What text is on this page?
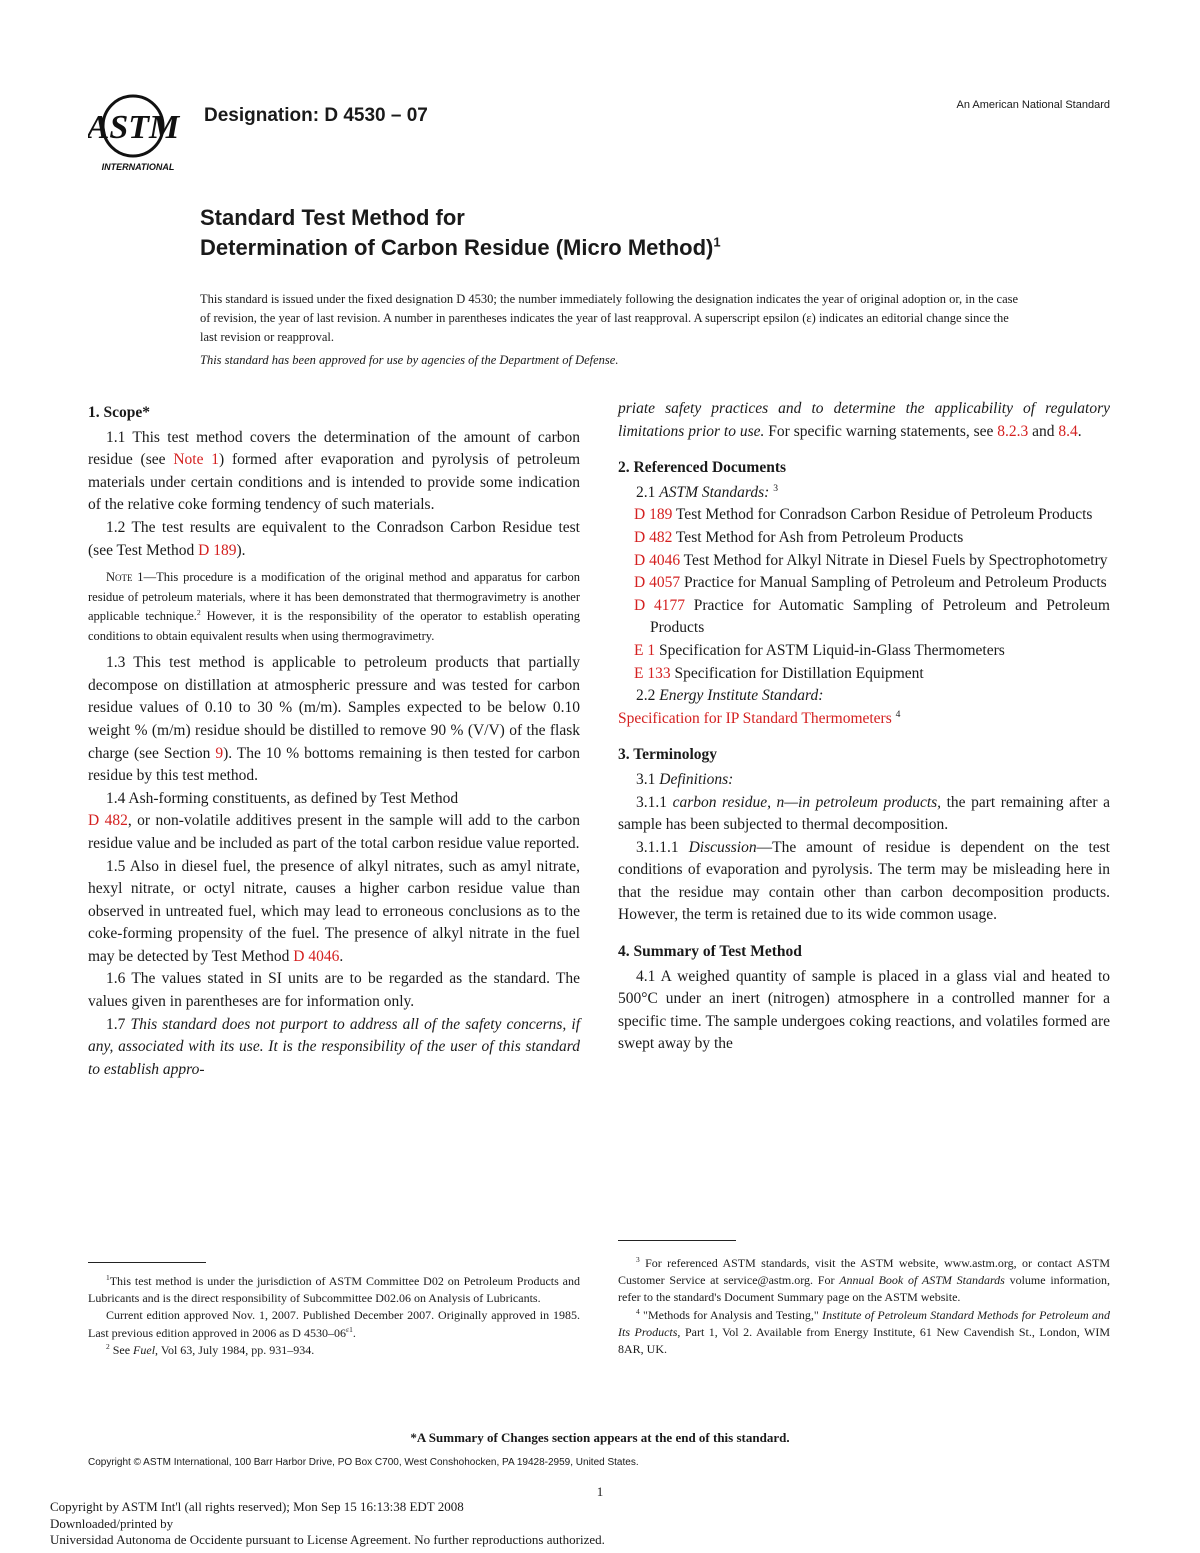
ASTM
INTERNATIONAL
Designation: D 4530 – 07	An American National Standard
Standard Test Method for
Determination of Carbon Residue (Micro Method)$^1$
This standard is issued under the fixed designation D 4530; the number immediately following the designation indicates the year of original adoption or, in the case of revision, the year of last revision. A number in parentheses indicates the year of last reapproval. A superscript epsilon (ε) indicates an editorial change since the last revision or reapproval.
This standard has been approved for use by agencies of the Department of Defense.
1. Scope*

1.1 This test method covers the determination of the amount of carbon residue (see Note 1) formed after evaporation and pyrolysis of petroleum materials under certain conditions and is intended to provide some indication of the relative coke forming tendency of such materials.

1.2 The test results are equivalent to the Conradson Carbon Residue test (see Test Method D 189).

Note 1—This procedure is a modification of the original method and apparatus for carbon residue of petroleum materials, where it has been demonstrated that thermogravimetry is another applicable technique.$^2$ However, it is the responsibility of the operator to establish operating conditions to obtain equivalent results when using thermogravimetry.

1.3 This test method is applicable to petroleum products that partially decompose on distillation at atmospheric pressure and was tested for carbon residue values of 0.10 to 30 % (m/m). Samples expected to be below 0.10 weight % (m/m) residue should be distilled to remove 90 % (V/V) of the flask charge (see Section 9). The 10 % bottoms remaining is then tested for carbon residue by this test method.

1.4 Ash-forming constituents, as defined by Test Method
D 482, or non-volatile additives present in the sample will add to the carbon residue value and be included as part of the total carbon residue value reported.

1.5 Also in diesel fuel, the presence of alkyl nitrates, such as amyl nitrate, hexyl nitrate, or octyl nitrate, causes a higher carbon residue value than observed in untreated fuel, which may lead to erroneous conclusions as to the coke-forming propensity of the fuel. The presence of alkyl nitrate in the fuel may be detected by Test Method D 4046.

1.6 The values stated in SI units are to be regarded as the standard. The values given in parentheses are for information only.

1.7 This standard does not purport to address all of the safety concerns, if any, associated with its use. It is the responsibility of the user of this standard to establish appro-

$^1$This test method is under the jurisdiction of ASTM Committee D02 on Petroleum Products and Lubricants and is the direct responsibility of Subcommittee D02.06 on Analysis of Lubricants.

Current edition approved Nov. 1, 2007. Published December 2007. Originally approved in 1985. Last previous edition approved in 2006 as D $4530-06^{\varepsilon 1}$.

$^2$ See Fuel, Vol 63, July 1984, pp. 931–934.

priate safety practices and to determine the applicability of regulatory limitations prior to use. For specific warning statements, see 8.2.3 and 8.4.

2. Referenced Documents

2.1 ASTM Standards: $^3$

D 189 Test Method for Conradson Carbon Residue of Petroleum Products

D 482 Test Method for Ash from Petroleum Products

D 4046 Test Method for Alkyl Nitrate in Diesel Fuels by Spectrophotometry

D 4057 Practice for Manual Sampling of Petroleum and Petroleum Products

D 4177 Practice for Automatic Sampling of Petroleum and Petroleum Products

E 1 Specification for ASTM Liquid-in-Glass Thermometers

E 133 Specification for Distillation Equipment

2.2 Energy Institute Standard:

Specification for IP Standard Thermometers $^4$

3. Terminology

3.1 Definitions:

3.1.1 carbon residue, n—in petroleum products, the part remaining after a sample has been subjected to thermal decomposition.

3.1.1.1 Discussion—The amount of residue is dependent on the test conditions of evaporation and pyrolysis. The term may be misleading here in that the residue may contain other than carbon decomposition products. However, the term is retained due to its wide common usage.

4. Summary of Test Method

4.1 A weighed quantity of sample is placed in a glass vial and heated to 500°C under an inert (nitrogen) atmosphere in a controlled manner for a specific time. The sample undergoes coking reactions, and volatiles formed are swept away by the

$^3$ For referenced ASTM standards, visit the ASTM website, www.astm.org, or contact ASTM Customer Service at service@astm.org. For Annual Book of ASTM Standards volume information, refer to the standard's Document Summary page on the ASTM website.

$^4$ "Methods for Analysis and Testing," Institute of Petroleum Standard Methods for Petroleum and Its Products, Part 1, Vol 2. Available from Energy Institute, 61 New Cavendish St., London, WIM 8AR, UK.

*A Summary of Changes section appears at the end of this standard.
Copyright © ASTM International, 100 Barr Harbor Drive, PO Box C700, West Conshohocken, PA 19428-2959, United States.
1
Copyright by ASTM Int'l (all rights reserved); Mon Sep 15 16:13:38 EDT 2008
Downloaded/printed by
Universidad Autonoma de Occidente pursuant to License Agreement. No further reproductions authorized.
